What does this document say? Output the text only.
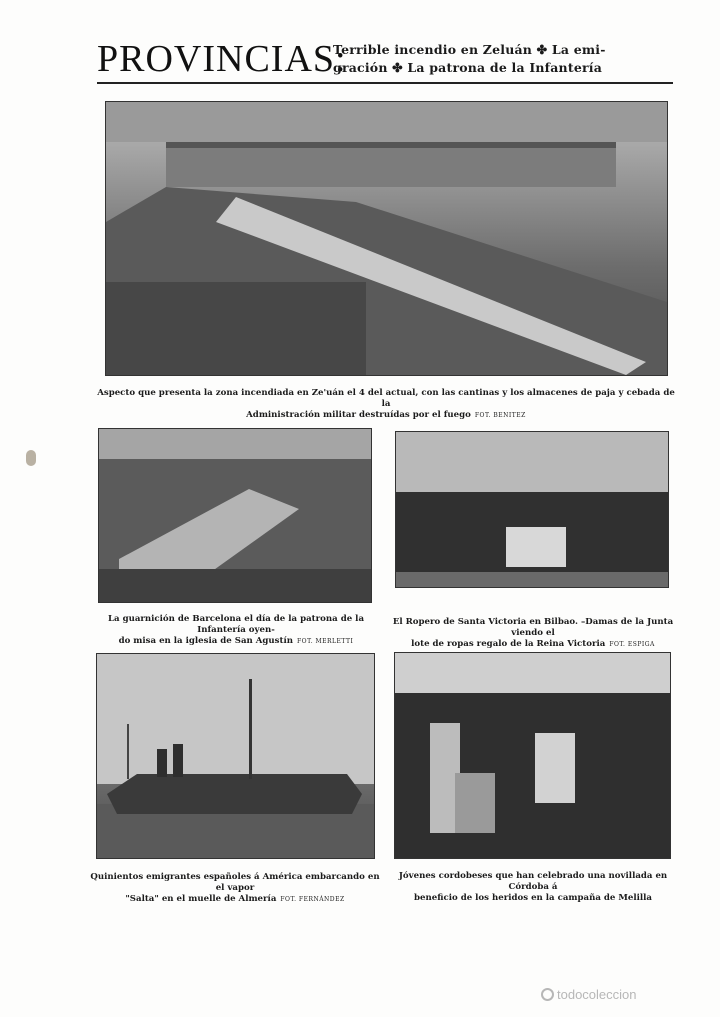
PROVINCIAS:
Terrible incendio en Zeluán ✤ La emi-
gración ✤ La patrona de la Infantería
Aspecto que presenta la zona incendiada en Ze'uán el 4 del actual, con las cantinas y los almacenes de paja y cebada de la
Administración militar destruídas por el fuego FOT. BENITEZ
La guarnición de Barcelona el día de la patrona de la Infantería oyen-
do misa en la iglesia de San Agustín FOT. MERLETTI
El Ropero de Santa Victoria en Bilbao. –Damas de la Junta viendo el
lote de ropas regalo de la Reina Victoria FOT. ESPIGA
Quinientos emigrantes españoles á América embarcando en el vapor
"Salta" en el muelle de Almería FOT. FERNÁNDEZ
Jóvenes cordobeses que han celebrado una novillada en Córdoba á
beneficio de los heridos en la campaña de Melilla
todocoleccion
